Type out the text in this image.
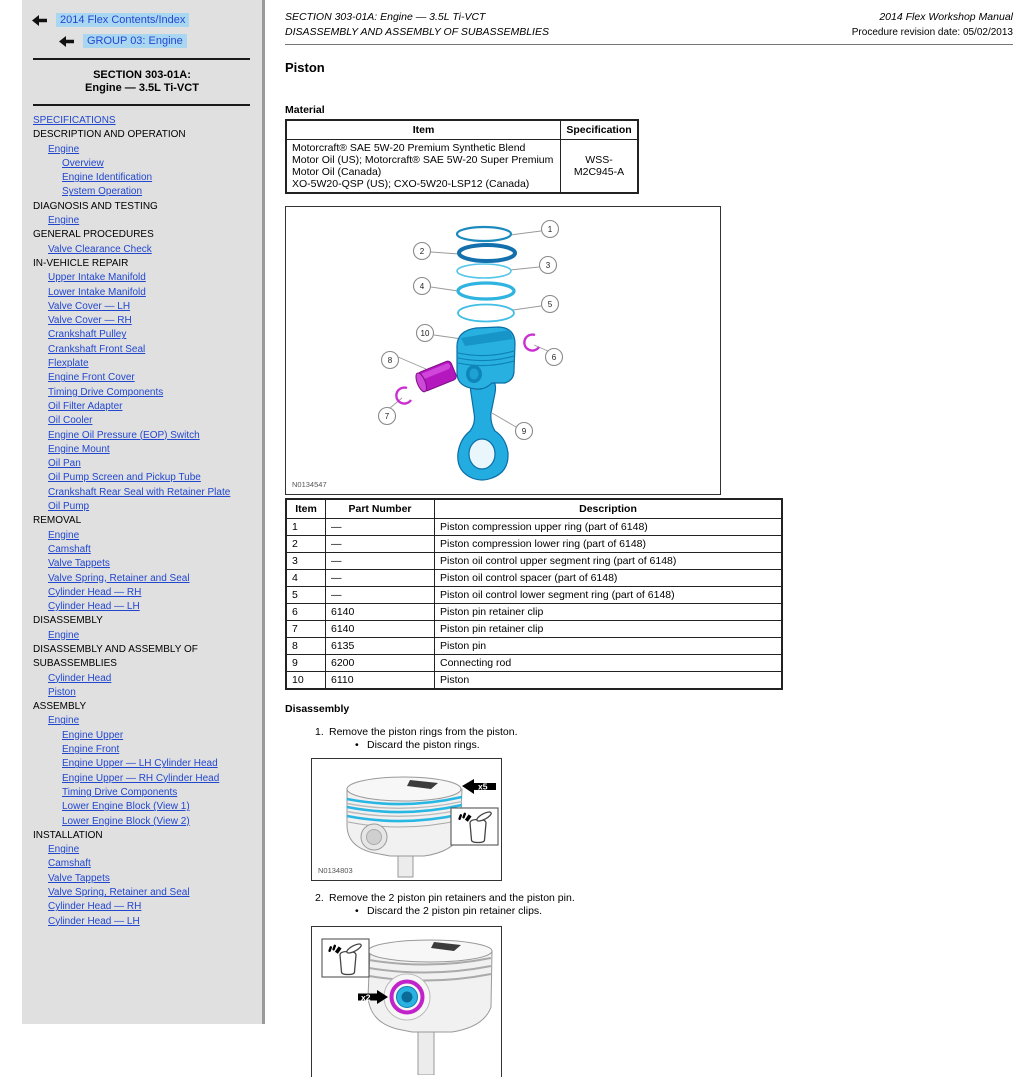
2014 Flex Contents/Index
GROUP 03: Engine
SECTION 303-01A:
Engine — 3.5L Ti-VCT
SPECIFICATIONS
DESCRIPTION AND OPERATION
Engine
Overview
Engine Identification
System Operation
DIAGNOSIS AND TESTING
Engine
GENERAL PROCEDURES
Valve Clearance Check
IN-VEHICLE REPAIR
Upper Intake Manifold
Lower Intake Manifold
Valve Cover — LH
Valve Cover — RH
Crankshaft Pulley
Crankshaft Front Seal
Flexplate
Engine Front Cover
Timing Drive Components
Oil Filter Adapter
Oil Cooler
Engine Oil Pressure (EOP) Switch
Engine Mount
Oil Pan
Oil Pump Screen and Pickup Tube
Crankshaft Rear Seal with Retainer Plate
Oil Pump
REMOVAL
Engine
Camshaft
Valve Tappets
Valve Spring, Retainer and Seal
Cylinder Head — RH
Cylinder Head — LH
DISASSEMBLY
Engine
DISASSEMBLY AND ASSEMBLY OF SUBASSEMBLIES
Cylinder Head
Piston
ASSEMBLY
Engine
Engine Upper
Engine Front
Engine Upper — LH Cylinder Head
Engine Upper — RH Cylinder Head
Timing Drive Components
Lower Engine Block (View 1)
Lower Engine Block (View 2)
INSTALLATION
Engine
Camshaft
Valve Tappets
Valve Spring, Retainer and Seal
Cylinder Head — RH
Cylinder Head — LH
SECTION 303-01A: Engine — 3.5L Ti-VCT
DISASSEMBLY AND ASSEMBLY OF SUBASSEMBLIES
2014 Flex Workshop Manual
Procedure revision date: 05/02/2013
Piston
Material
Item	Specification

Motorcraft® SAE 5W-20 Premium Synthetic Blend Motor Oil (US); Motorcraft® SAE 5W-20 Super Premium Motor Oil (Canada)
XO-5W20-QSP (US); CXO-5W20-LSP12 (Canada)	WSS-
M2C945-A
1
2
3
4
5
10
6
8
7
9
N0134547
Item	Part Number	Description
1	—	Piston compression upper ring (part of 6148)
2	—	Piston compression lower ring (part of 6148)
3	—	Piston oil control upper segment ring (part of 6148)
4	—	Piston oil control spacer (part of 6148)
5	—	Piston oil control lower segment ring (part of 6148)
6	6140	Piston pin retainer clip
7	6140	Piston pin retainer clip
8	6135	Piston pin
9	6200	Connecting rod
10	6110	Piston
Disassembly
1. Remove the piston rings from the piston.
• Discard the piston rings.
x5
N0134803
2. Remove the 2 piston pin retainers and the piston pin.
• Discard the 2 piston pin retainer clips.
x2
